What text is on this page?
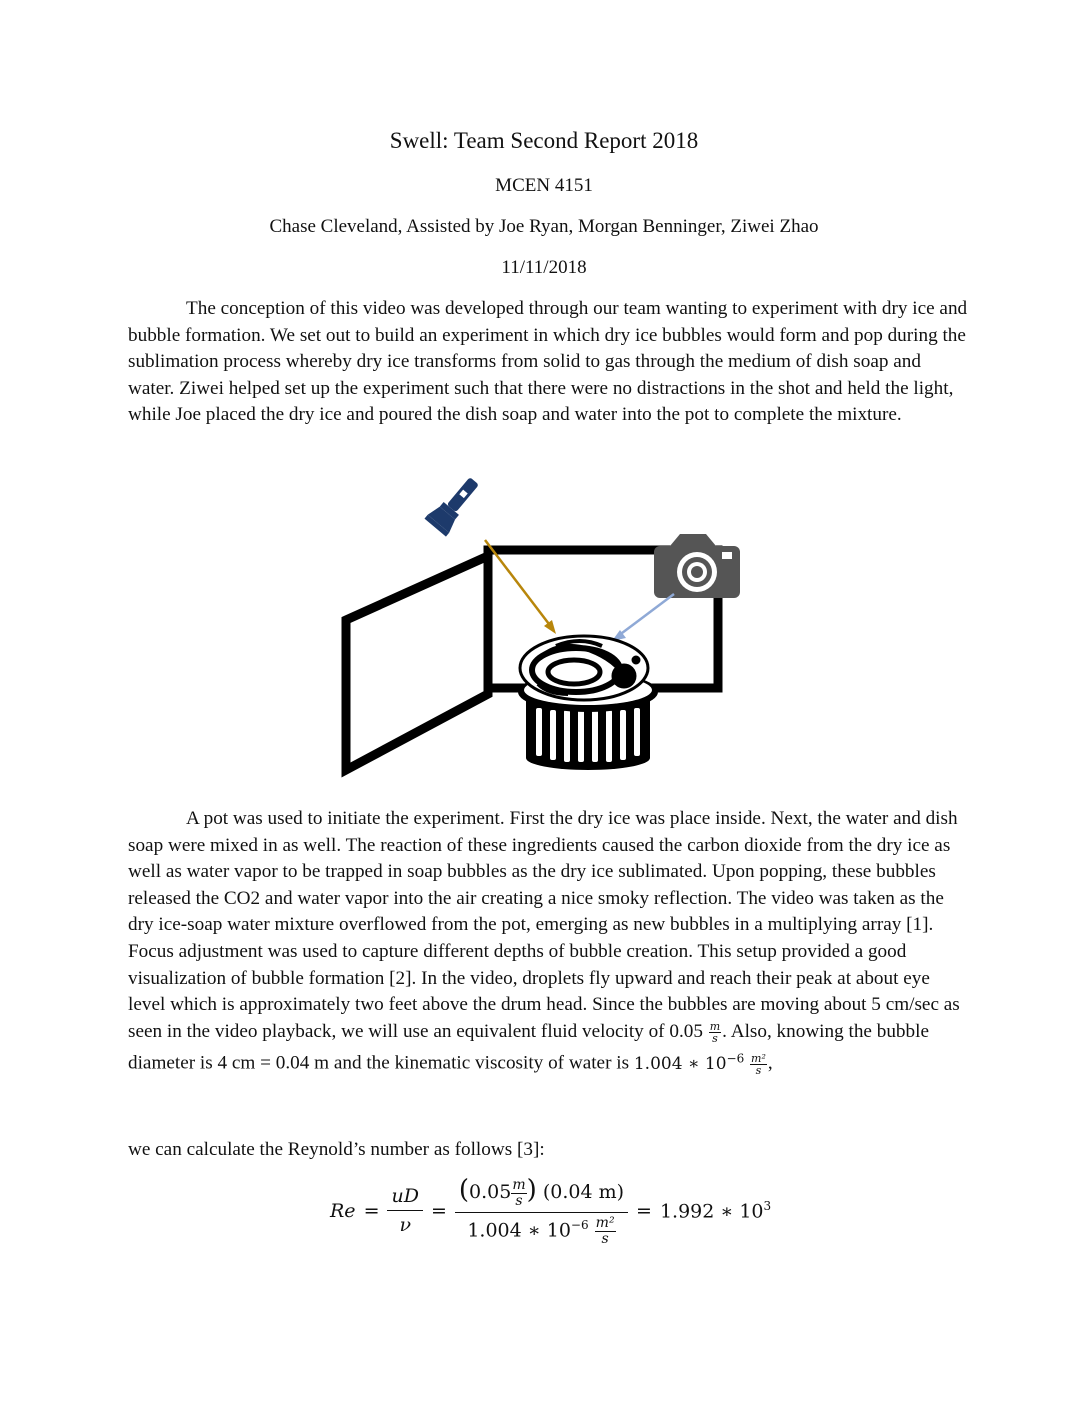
Swell: Team Second Report 2018
MCEN 4151
Chase Cleveland, Assisted by Joe Ryan, Morgan Benninger, Ziwei Zhao
11/11/2018

The conception of this video was developed through our team wanting to experiment with dry ice and bubble formation. We set out to build an experiment in which dry ice bubbles would form and pop during the sublimation process whereby dry ice transforms from solid to gas through the medium of dish soap and water. Ziwei helped set up the experiment such that there were no distractions in the shot and held the light, while Joe placed the dry ice and poured the dish soap and water into the pot to complete the mixture.

A pot was used to initiate the experiment. First the dry ice was place inside. Next, the water and dish soap were mixed in as well. The reaction of these ingredients caused the carbon dioxide from the dry ice as well as water vapor to be trapped in soap bubbles as the dry ice sublimated. Upon popping, these bubbles released the CO2 and water vapor into the air creating a nice smoky reflection. The video was taken as the dry ice-soap water mixture overflowed from the pot, emerging as new bubbles in a multiplying array [1]. Focus adjustment was used to capture different depths of bubble creation. This setup provided a good visualization of bubble formation [2]. In the video, droplets fly upward and reach their peak at about eye level which is approximately two feet above the drum head. Since the bubbles are moving about 5 cm/sec as seen in the video playback, we will use an equivalent fluid velocity of $0.05 \frac{m}{s}$ . Also, knowing the bubble diameter is 4 cm = 0.04 m and the kinematic viscosity of water is 1.004 ∗ $10^{-6} \frac{\text{m²}}{s}$ ,

we can calculate the Reynold’s number as follows [3]:

$Re = \frac{uD}{\nu} = \frac{(0.05 \frac{m}{s} ) (0.04 m)}{1.004 ∗ 10^{-6} \frac{\text{m²}}{s}} = 1.992$ ∗ $10^3$
